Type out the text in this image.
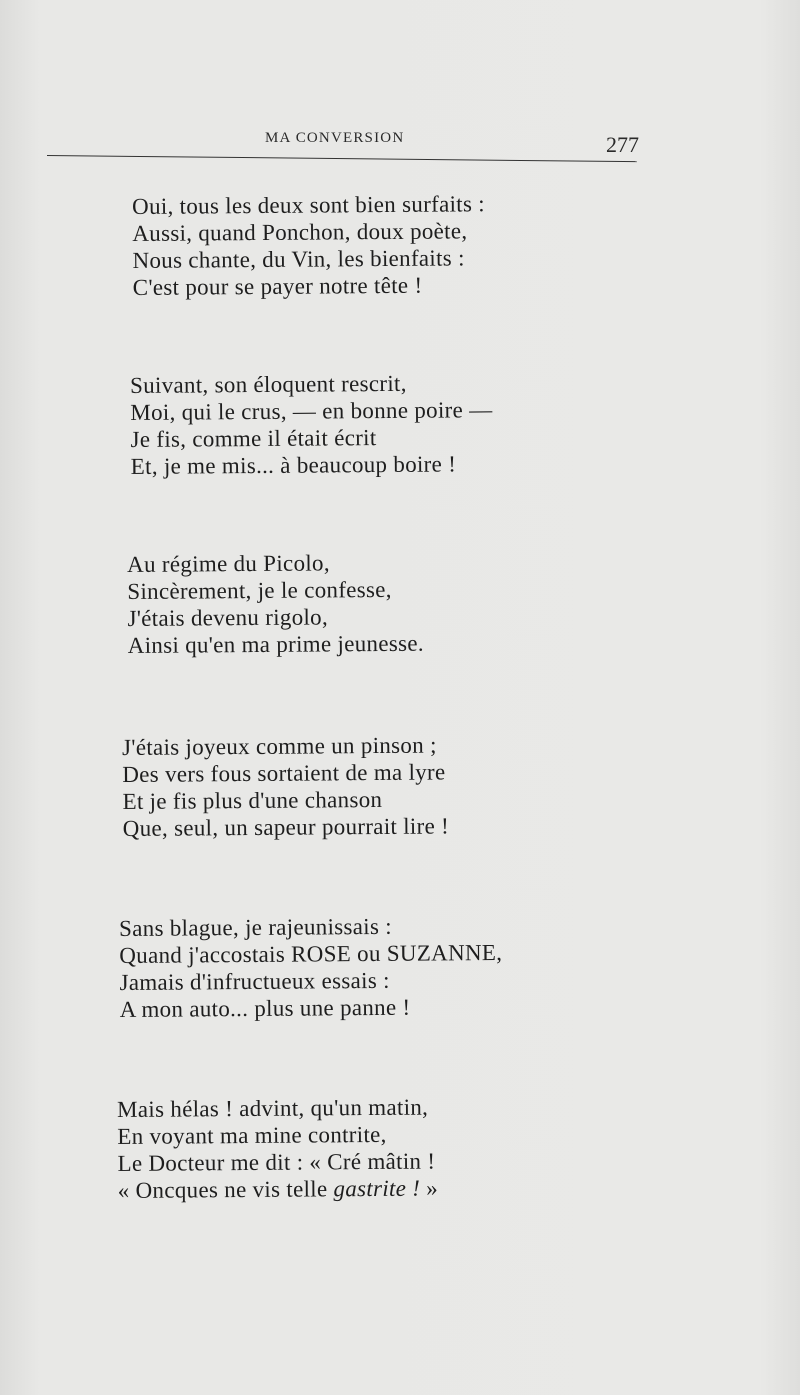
MA CONVERSION	277
Oui, tous les deux sont bien surfaits :
Aussi, quand Ponchon, doux poète,
Nous chante, du Vin, les bienfaits :
C'est pour se payer notre tête !
Suivant, son éloquent rescrit,
Moi, qui le crus, — en bonne poire —
Je fis, comme il était écrit
Et, je me mis... à beaucoup boire !
Au régime du Picolo,
Sincèrement, je le confesse,
J'étais devenu rigolo,
Ainsi qu'en ma prime jeunesse.
J'étais joyeux comme un pinson ;
Des vers fous sortaient de ma lyre
Et je fis plus d'une chanson
Que, seul, un sapeur pourrait lire !
Sans blague, je rajeunissais :
Quand j'accostais ROSE ou SUZANNE,
Jamais d'infructueux essais :
A mon auto... plus une panne !
Mais hélas ! advint, qu'un matin,
En voyant ma mine contrite,
Le Docteur me dit : « Cré mâtin !
« Oncques ne vis telle gastrite ! »
